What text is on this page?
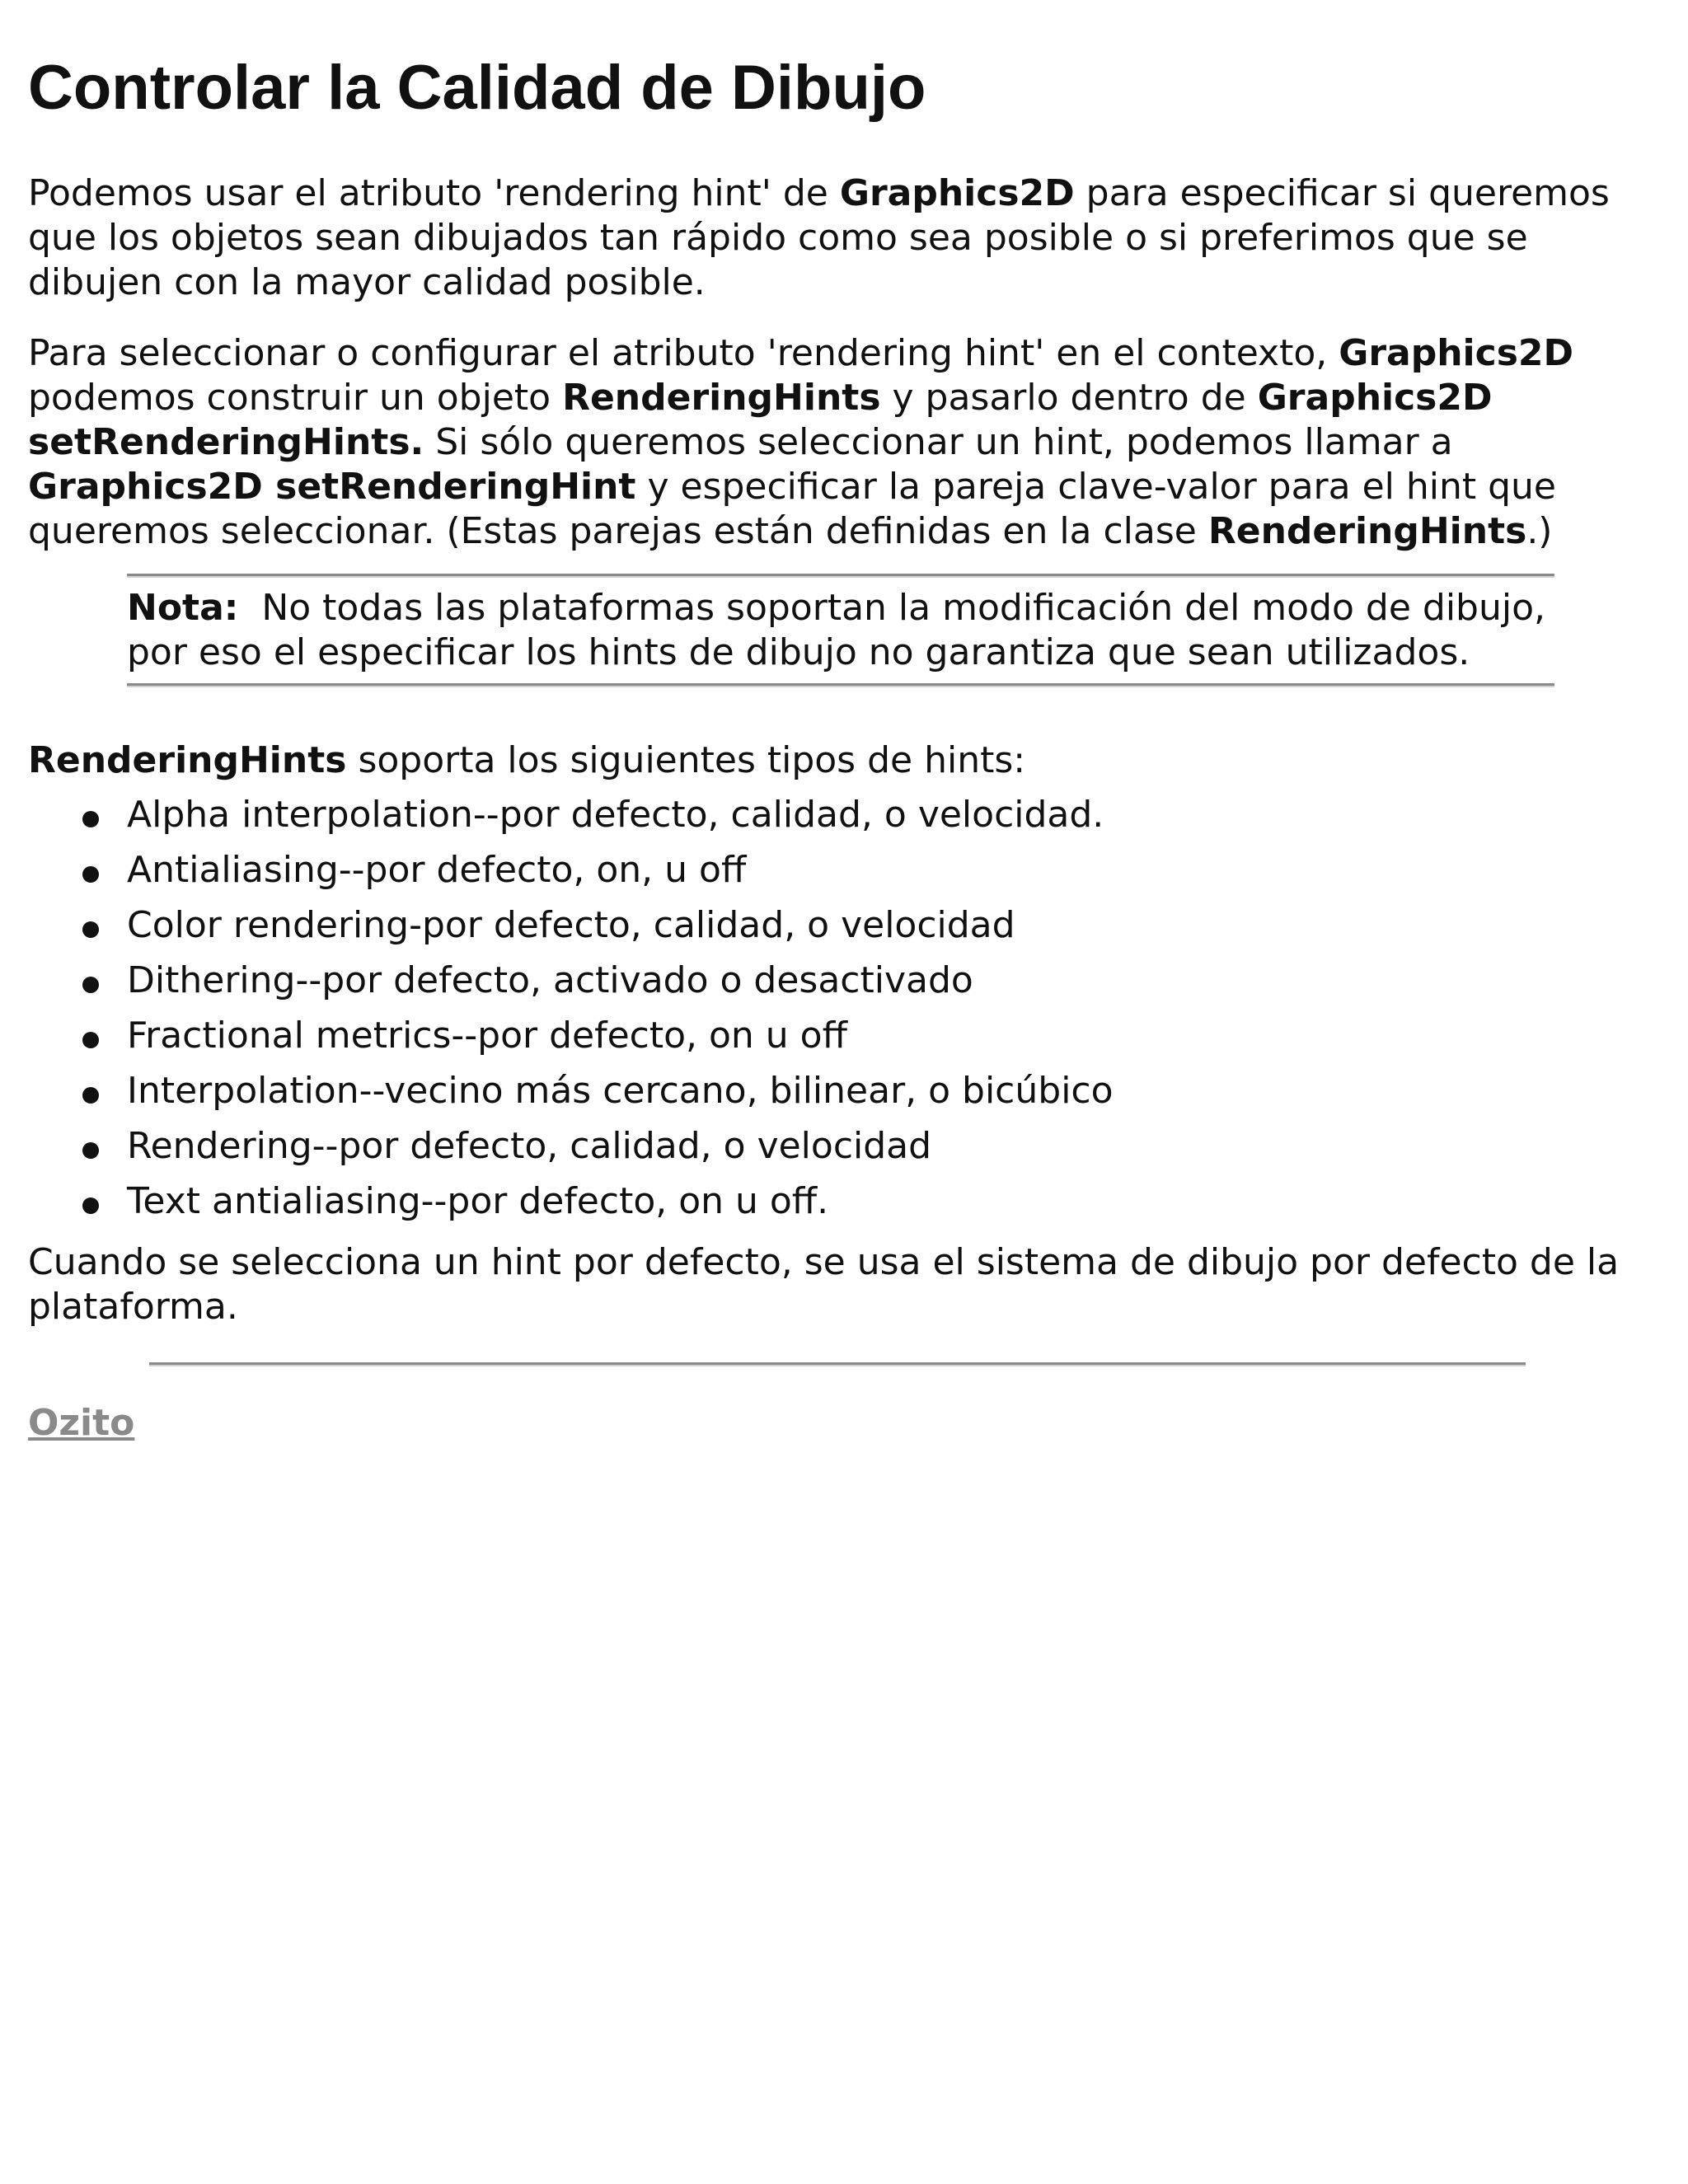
Controlar la Calidad de Dibujo

Podemos usar el atributo 'rendering hint' de Graphics2D para especificar si queremos que los objetos sean dibujados tan rápido como sea posible o si preferimos que se dibujen con la mayor calidad posible.

Para seleccionar o configurar el atributo 'rendering hint' en el contexto, Graphics2D podemos construir un objeto RenderingHints y pasarlo dentro de Graphics2D setRenderingHints. Si sólo queremos seleccionar un hint, podemos llamar a Graphics2D setRenderingHint y especificar la pareja clave-valor para el hint que queremos seleccionar. (Estas parejas están definidas en la clase RenderingHints.)

Nota:  No todas las plataformas soportan la modificación del modo de dibujo, por eso el especificar los hints de dibujo no garantiza que sean utilizados.

RenderingHints soporta los siguientes tipos de hints:

Alpha interpolation--por defecto, calidad, o velocidad.
Antialiasing--por defecto, on, u off
Color rendering-por defecto, calidad, o velocidad
Dithering--por defecto, activado o desactivado
Fractional metrics--por defecto, on u off
Interpolation--vecino más cercano, bilinear, o bicúbico
Rendering--por defecto, calidad, o velocidad
Text antialiasing--por defecto, on u off.

Cuando se selecciona un hint por defecto, se usa el sistema de dibujo por defecto de la plataforma.

Ozito
